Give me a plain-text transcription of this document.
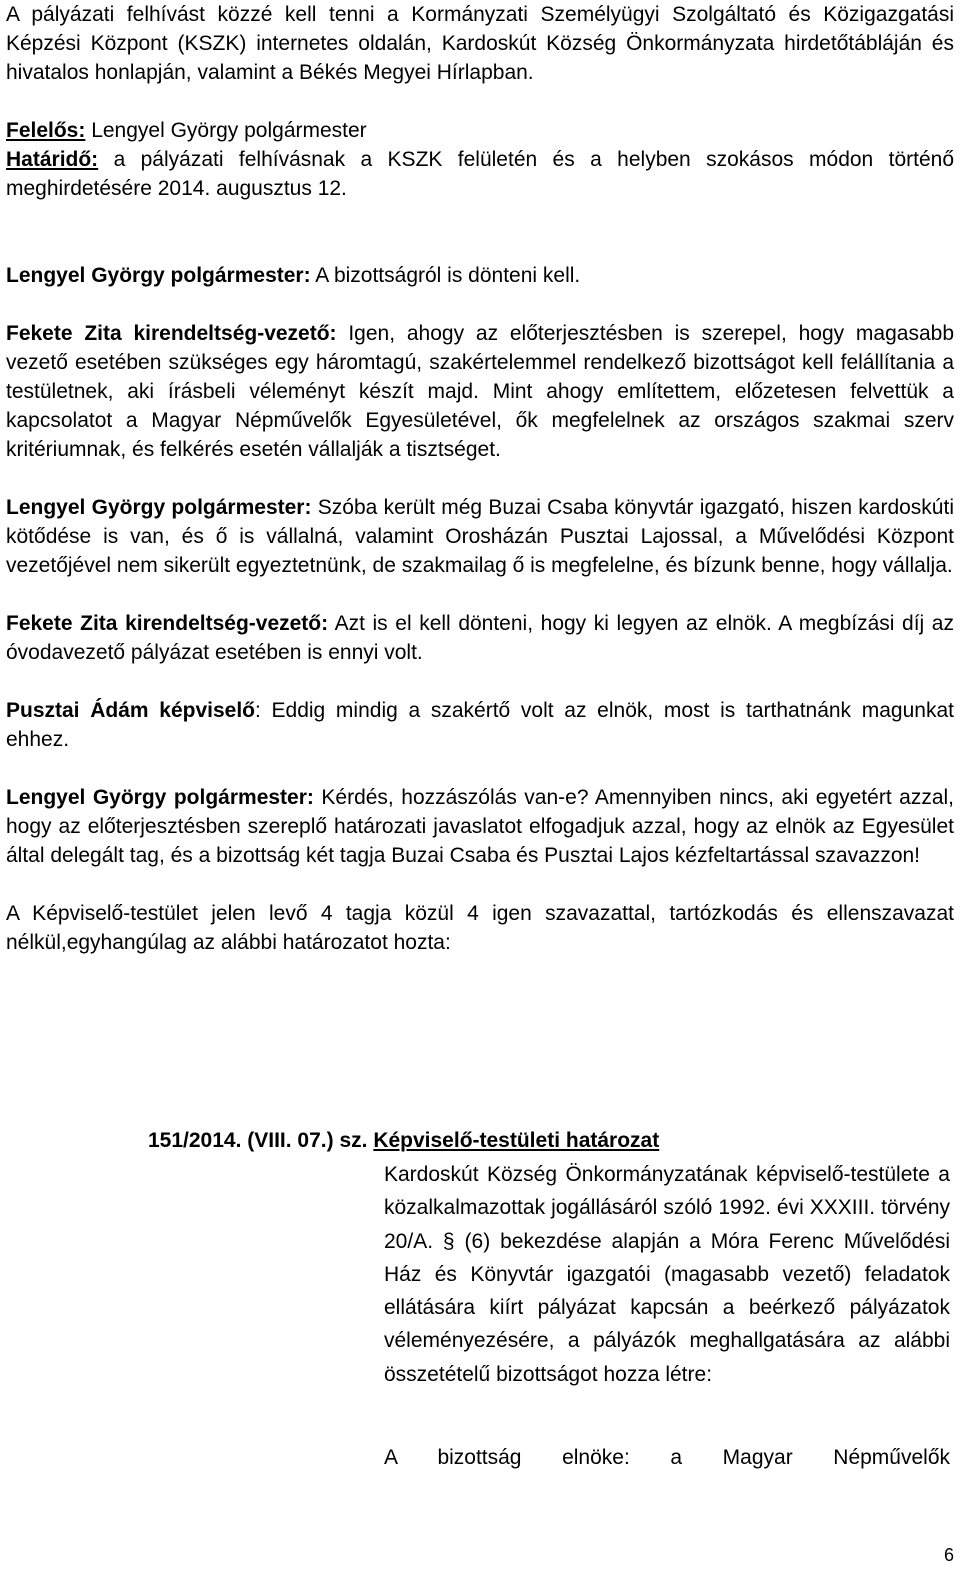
A pályázati felhívást közzé kell tenni a Kormányzati Személyügyi Szolgáltató és Közigazgatási Képzési Központ (KSZK) internetes oldalán, Kardoskút Község Önkormányzata hirdetőtábláján és hivatalos honlapján, valamint a Békés Megyei Hírlapban.

Felelős: Lengyel György polgármester

Határidő: a pályázati felhívásnak a KSZK felületén és a helyben szokásos módon történő meghirdetésére 2014. augusztus 12.

Lengyel György polgármester: A bizottságról is dönteni kell.

Fekete Zita kirendeltség-vezető: Igen, ahogy az előterjesztésben is szerepel, hogy magasabb vezető esetében szükséges egy háromtagú, szakértelemmel rendelkező bizottságot kell felállítania a testületnek, aki írásbeli véleményt készít majd. Mint ahogy említettem, előzetesen felvettük a kapcsolatot a Magyar Népművelők Egyesületével, ők megfelelnek az országos szakmai szerv kritériumnak, és felkérés esetén vállalják a tisztséget.

Lengyel György polgármester: Szóba került még Buzai Csaba könyvtár igazgató, hiszen kardoskúti kötődése is van, és ő is vállalná, valamint Orosházán Pusztai Lajossal, a Művelődési Központ vezetőjével nem sikerült egyeztetnünk, de szakmailag ő is megfelelne, és bízunk benne, hogy vállalja.

Fekete Zita kirendeltség-vezető: Azt is el kell dönteni, hogy ki legyen az elnök. A megbízási díj az óvodavezető pályázat esetében is ennyi volt.

Pusztai Ádám képviselő: Eddig mindig a szakértő volt az elnök, most is tarthatnánk magunkat ehhez.

Lengyel György polgármester: Kérdés, hozzászólás van-e? Amennyiben nincs, aki egyetért azzal, hogy az előterjesztésben szereplő határozati javaslatot elfogadjuk azzal, hogy az elnök az Egyesület által delegált tag, és a bizottság két tagja Buzai Csaba és Pusztai Lajos kézfeltartással szavazzon!

A Képviselő-testület jelen levő 4 tagja közül 4 igen szavazattal, tartózkodás és ellenszavazat nélkül,egyhangúlag az alábbi határozatot hozta:

151/2014. (VIII. 07.) sz. Képviselő-testületi határozat

Kardoskút Község Önkormányzatának képviselő-testülete a közalkalmazottak jogállásáról szóló 1992. évi XXXIII. törvény 20/A. § (6) bekezdése alapján a Móra Ferenc Művelődési Ház és Könyvtár igazgatói (magasabb vezető) feladatok ellátására kiírt pályázat kapcsán a beérkező pályázatok véleményezésére, a pályázók meghallgatására az alábbi összetételű bizottságot hozza létre:

A bizottság elnöke: a Magyar Népművelők

6
